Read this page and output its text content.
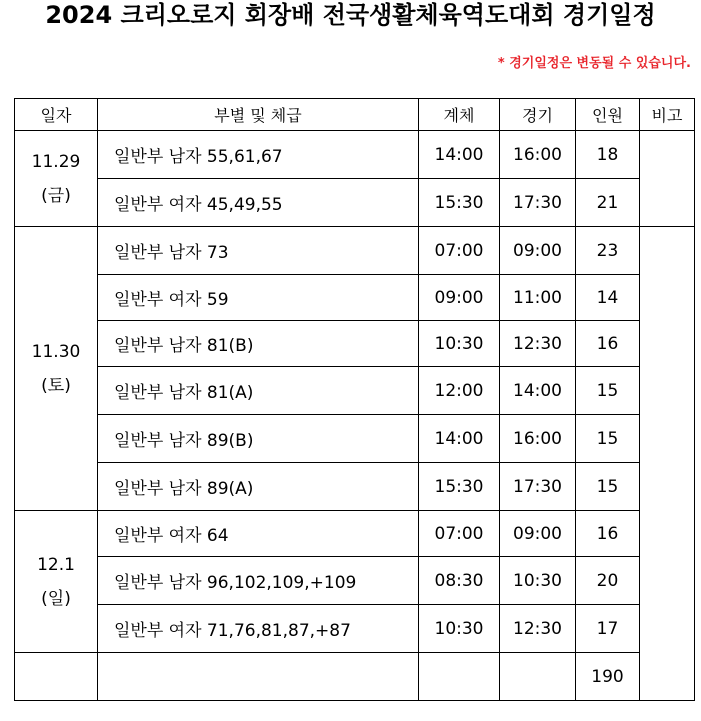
2024 크리오로지 회장배 전국생활체육역도대회 경기일정
* 경기일정은 변동될 수 있습니다.
일자	부별 및 체급	계체	경기	인원	비고

11.29
(금)	일반부 남자 55,61,67	14:00	16:00	18	
	일반부 여자 45,49,55	15:30	17:30	21	

11.30
(토)	일반부 남자 73	07:00	09:00	23	
	일반부 여자 59	09:00	11:00	14	
	일반부 남자 81(B)	10:30	12:30	16	
	일반부 남자 81(A)	12:00	14:00	15	
	일반부 남자 89(B)	14:00	16:00	15	
	일반부 남자 89(A)	15:30	17:30	15	

12.1
(일)	일반부 여자 64	07:00	09:00	16	
	일반부 남자 96,102,109,+109	08:30	10:30	20	
	일반부 여자 71,76,81,87,+87	10:30	12:30	17	
				190	
